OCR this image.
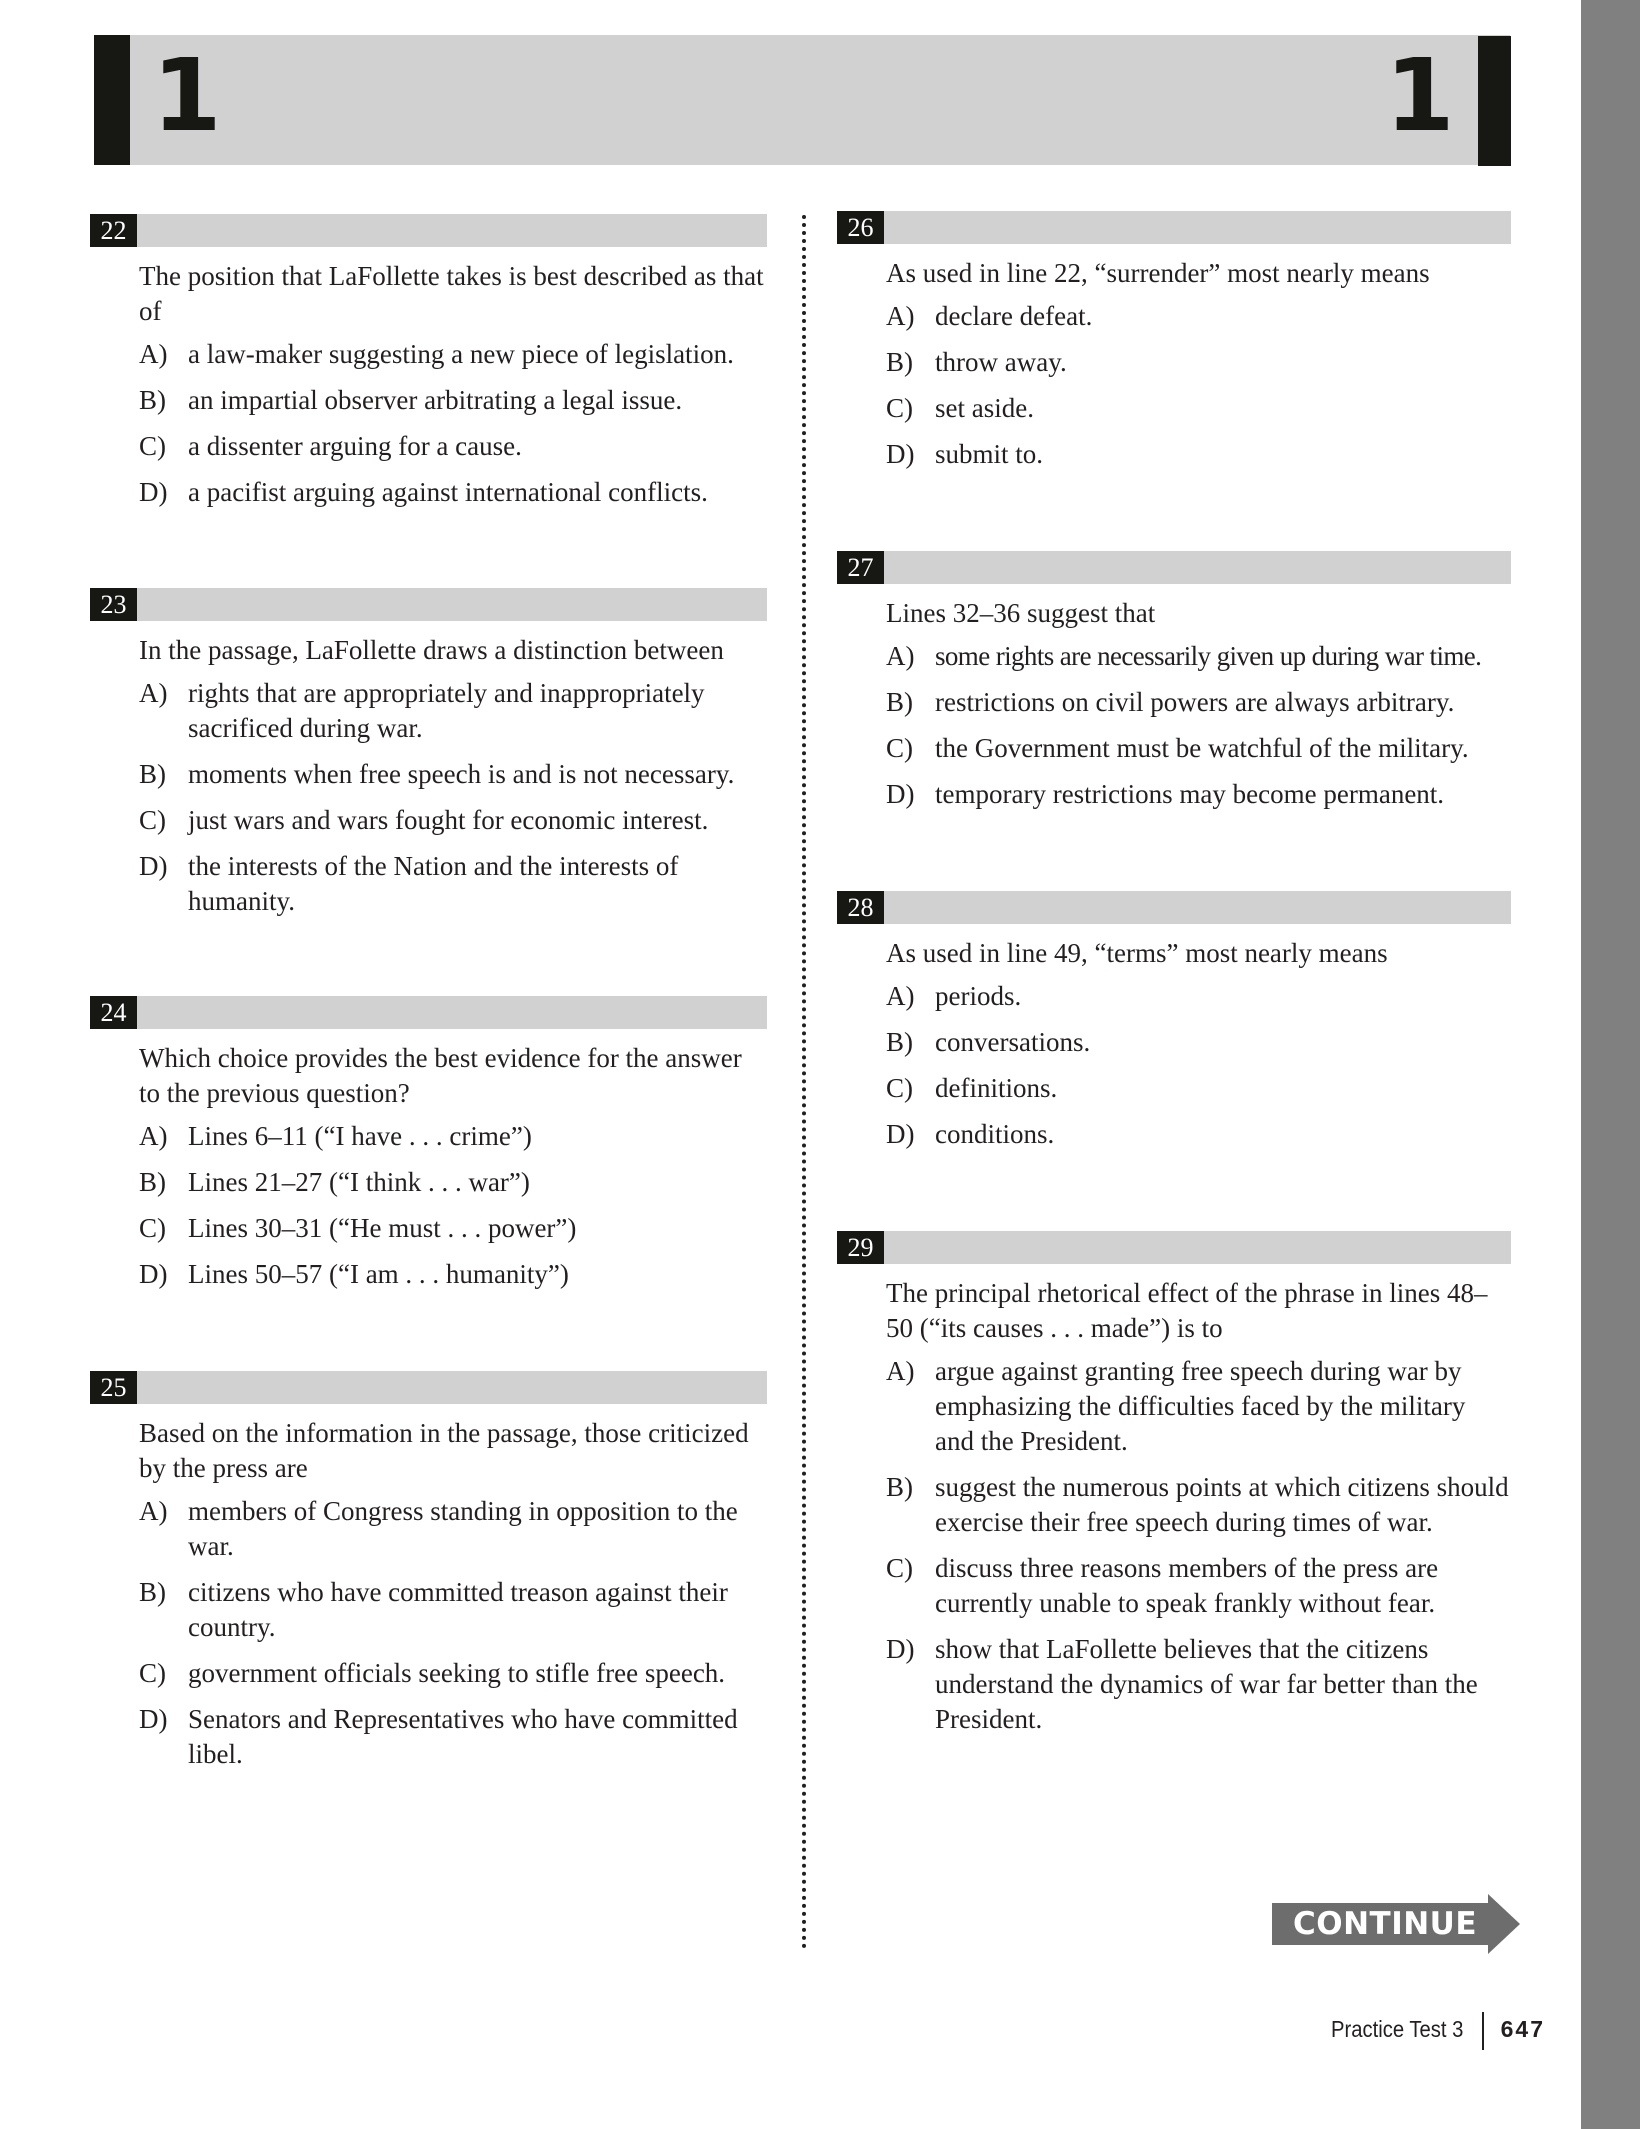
1	1
22
The position that LaFollette takes is best described as that of
A) a law-maker suggesting a new piece of legislation.
B) an impartial observer arbitrating a legal issue.
C) a dissenter arguing for a cause.
D) a pacifist arguing against international conflicts.
23
In the passage, LaFollette draws a distinction between
A) rights that are appropriately and inappropriately sacrificed during war.
B) moments when free speech is and is not necessary.
C) just wars and wars fought for economic interest.
D) the interests of the Nation and the interests of humanity.
24
Which choice provides the best evidence for the answer to the previous question?
A) Lines 6–11 (“I have . . . crime”)
B) Lines 21–27 (“I think . . . war”)
C) Lines 30–31 (“He must . . . power”)
D) Lines 50–57 (“I am . . . humanity”)
25
Based on the information in the passage, those criticized by the press are
A) members of Congress standing in opposition to the war.
B) citizens who have committed treason against their country.
C) government officials seeking to stifle free speech.
D) Senators and Representatives who have committed libel.
26
As used in line 22, “surrender” most nearly means
A) declare defeat.
B) throw away.
C) set aside.
D) submit to.
27
Lines 32–36 suggest that
A) some rights are necessarily given up during war time.
B) restrictions on civil powers are always arbitrary.
C) the Government must be watchful of the military.
D) temporary restrictions may become permanent.
28
As used in line 49, “terms” most nearly means
A) periods.
B) conversations.
C) definitions.
D) conditions.
29
The principal rhetorical effect of the phrase in lines 48–50 (“its causes . . . made”) is to
A) argue against granting free speech during war by emphasizing the difficulties faced by the military and the President.
B) suggest the numerous points at which citizens should exercise their free speech during times of war.
C) discuss three reasons members of the press are currently unable to speak frankly without fear.
D) show that LaFollette believes that the citizens understand the dynamics of war far better than the President.
CONTINUE
Practice Test 3 647
